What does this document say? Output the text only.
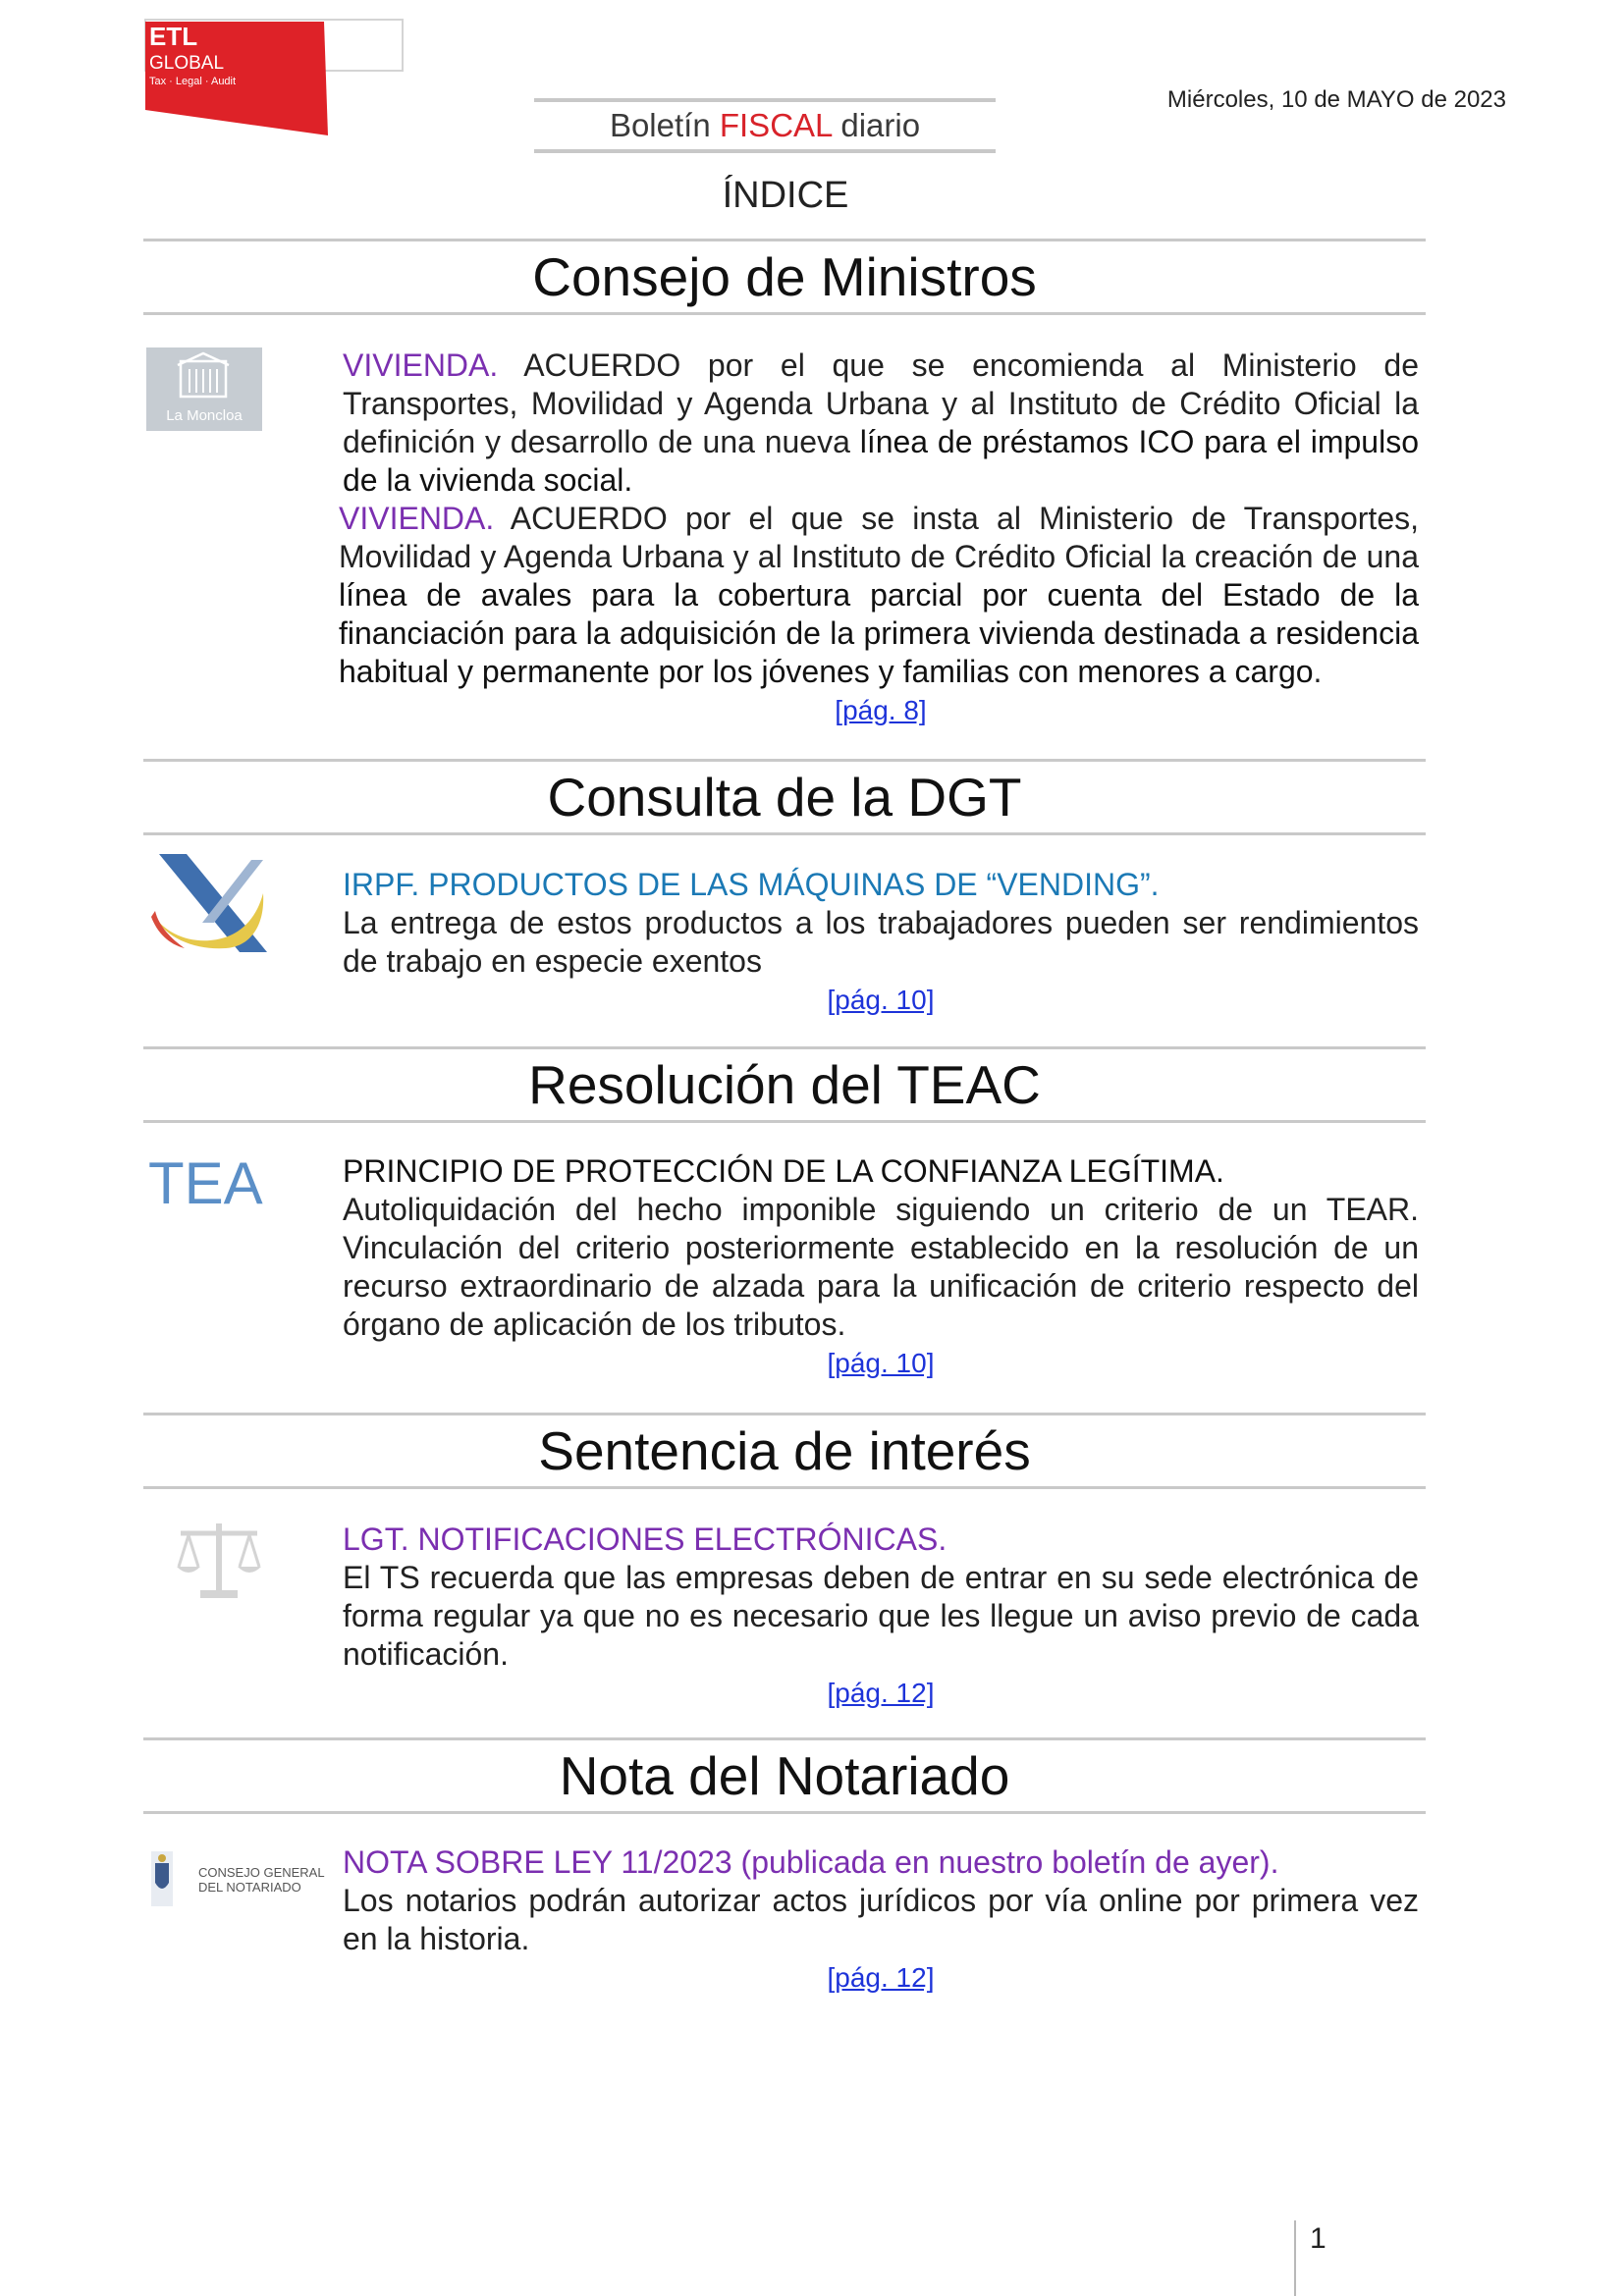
ETL
GLOBAL
Tax · Legal · Audit
Boletín FISCAL diario
Miércoles, 10 de MAYO de 2023
ÍNDICE
Consejo de Ministros
La Moncloa

VIVIENDA. ACUERDO por el que se encomienda al Ministerio de Transportes, Movilidad y Agenda Urbana y al Instituto de Crédito Oficial la definición y desarrollo de una nueva línea de préstamos ICO para el impulso de la vivienda social.

VIVIENDA. ACUERDO por el que se insta al Ministerio de Transportes, Movilidad y Agenda Urbana y al Instituto de Crédito Oficial la creación de una línea de avales para la cobertura parcial por cuenta del Estado de la financiación para la adquisición de la primera vivienda destinada a residencia habitual y permanente por los jóvenes y familias con menores a cargo.

[pág. 8]
Consulta de la DGT

IRPF. PRODUCTOS DE LAS MÁQUINAS DE “VENDING”.

La entrega de estos productos a los trabajadores pueden ser rendimientos de trabajo en especie exentos

[pág. 10]
Resolución del TEAC
TEA	PRINCIPIO DE PROTECCIÓN DE LA CONFIANZA LEGÍTIMA.

Autoliquidación del hecho imponible siguiendo un criterio de un TEAR. Vinculación del criterio posteriormente establecido en la resolución de un recurso extraordinario de alzada para la unificación de criterio respecto del órgano de aplicación de los tributos.

[pág. 10]
Sentencia de interés

LGT. NOTIFICACIONES ELECTRÓNICAS.

El TS recuerda que las empresas deben de entrar en su sede electrónica de forma regular ya que no es necesario que les llegue un aviso previo de cada notificación.

[pág. 12]
Nota del Notariado
CONSEJO GENERAL
DEL NOTARIADO

NOTA SOBRE LEY 11/2023 (publicada en nuestro boletín de ayer).

Los notarios podrán autorizar actos jurídicos por vía online por primera vez en la historia.

[pág. 12]
1
